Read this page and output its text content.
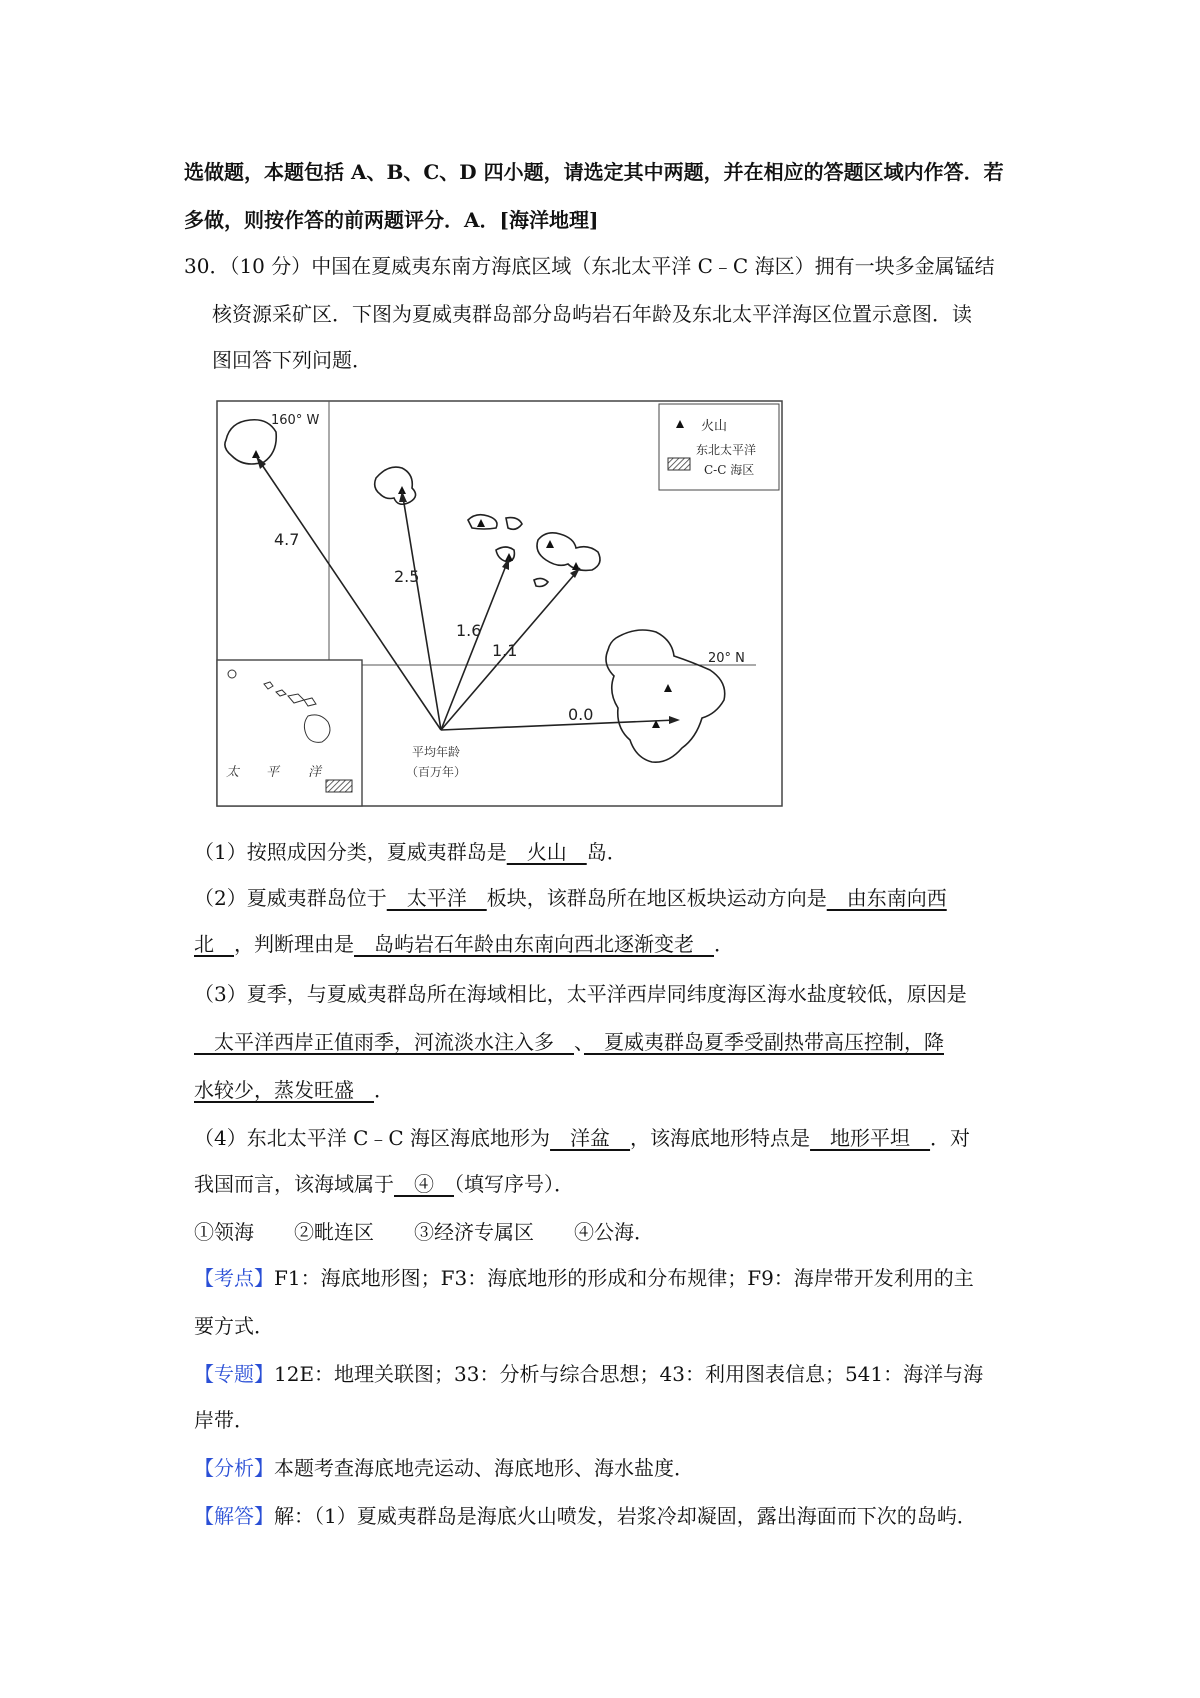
选做题，本题包括 A、B、C、D 四小题，请选定其中两题，并在相应的答题区域内作答．若
多做，则按作答的前两题评分．A．[海洋地理]
30．（10 分）中国在夏威夷东南方海底区域（东北太平洋 C﹣C 海区）拥有一块多金属锰结
核资源采矿区．下图为夏威夷群岛部分岛屿岩石年龄及东北太平洋海区位置示意图．读
图回答下列问题．
160° W
20° N
火山
东北太平洋
C-C 海区
4.7
2.5
1.6
1.1
0.0
平均年龄
（百万年）
太 平 洋
（1）按照成因分类，夏威夷群岛是　火山　岛．
（2）夏威夷群岛位于　太平洋　板块，该群岛所在地区板块运动方向是　由东南向西
北　，判断理由是　岛屿岩石年龄由东南向西北逐渐变老　．
（3）夏季，与夏威夷群岛所在海域相比，太平洋西岸同纬度海区海水盐度较低，原因是
　太平洋西岸正值雨季，河流淡水注入多　、　夏威夷群岛夏季受副热带高压控制，降
水较少，蒸发旺盛　．
（4）东北太平洋 C﹣C 海区海底地形为　洋盆　，该海底地形特点是　地形平坦　．对
我国而言，该海域属于　④　（填写序号）．
①领海　　②毗连区　　③经济专属区　　④公海．
【考点】F1：海底地形图；F3：海底地形的形成和分布规律；F9：海岸带开发利用的主
要方式．
【专题】12E：地理关联图；33：分析与综合思想；43：利用图表信息；541：海洋与海
岸带．
【分析】本题考查海底地壳运动、海底地形、海水盐度．
【解答】解：（1）夏威夷群岛是海底火山喷发，岩浆冷却凝固，露出海面而下次的岛屿．
